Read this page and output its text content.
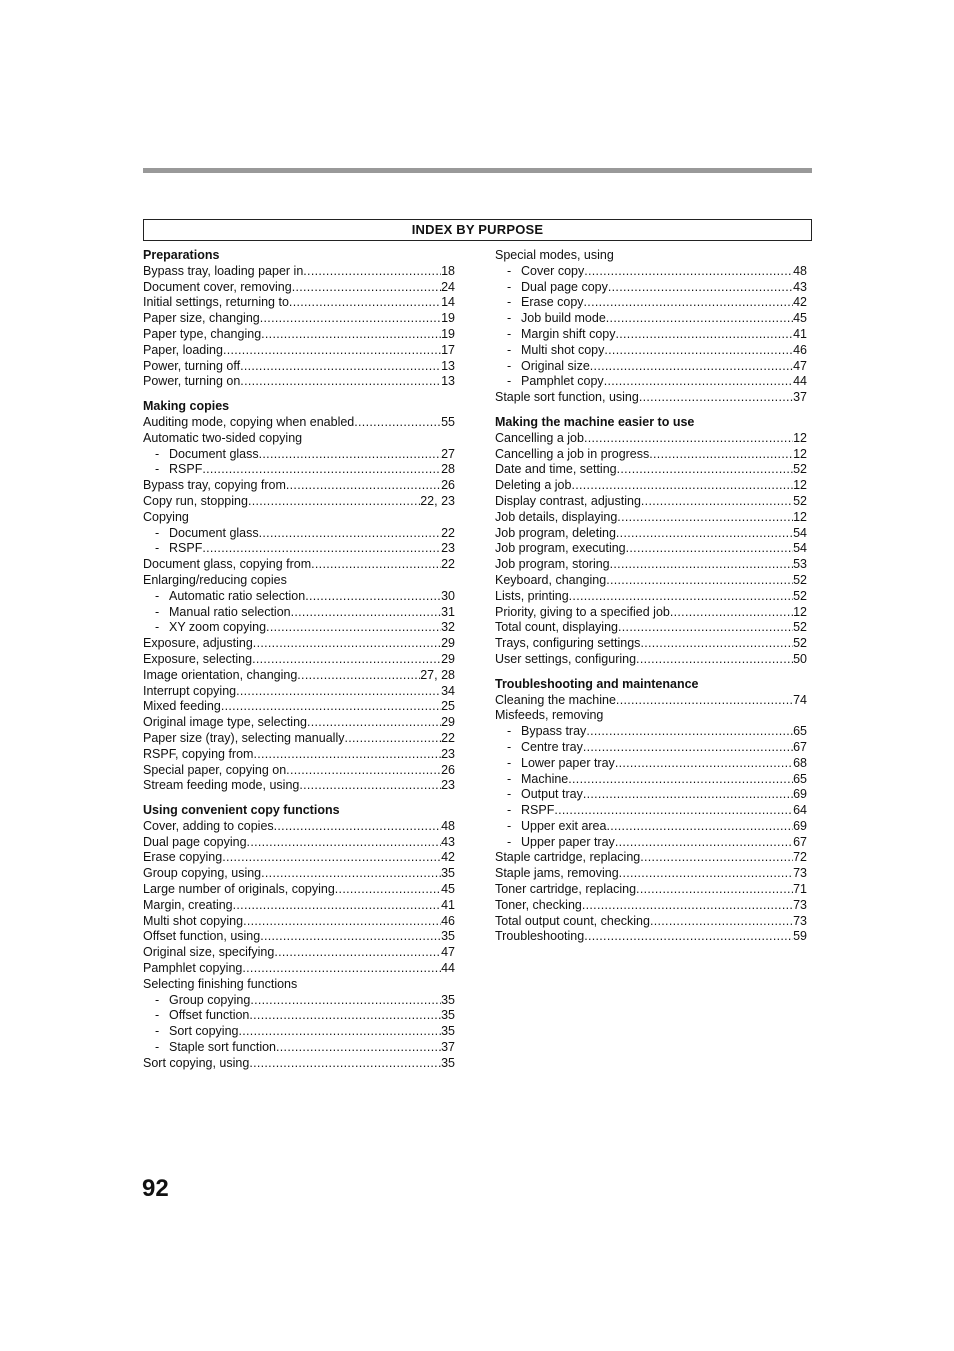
INDEX BY PURPOSE
Preparations
Bypass tray, loading paper in .....	18
Document cover, removing .....	24
Initial settings, returning to .....	14
Paper size, changing .....	19
Paper type, changing .....	19
Paper, loading .....	17
Power, turning off .....	13
Power, turning on .....	13
Making copies
Auditing mode, copying when enabled .....	55
Automatic two-sided copying
- Document glass .....	27
- RSPF .....	28
Bypass tray, copying from .....	26
Copy run, stopping .....	22, 23
Copying
- Document glass .....	22
- RSPF .....	23
Document glass, copying from .....	22
Enlarging/reducing copies
- Automatic ratio selection .....	30
- Manual ratio selection .....	31
- XY zoom copying .....	32
Exposure, adjusting .....	29
Exposure, selecting .....	29
Image orientation, changing .....	27, 28
Interrupt copying .....	34
Mixed feeding .....	25
Original image type, selecting .....	29
Paper size (tray), selecting manually .....	22
RSPF, copying from .....	23
Special paper, copying on .....	26
Stream feeding mode, using .....	23
Using convenient copy functions
Cover, adding to copies .....	48
Dual page copying .....	43
Erase copying .....	42
Group copying, using .....	35
Large number of originals, copying .....	45
Margin, creating .....	41
Multi shot copying .....	46
Offset function, using .....	35
Original size, specifying .....	47
Pamphlet copying .....	44
Selecting finishing functions
- Group copying .....	35
- Offset function .....	35
- Sort copying .....	35
- Staple sort function .....	37
Sort copying, using .....	35
Special modes, using
- Cover copy .....	48
- Dual page copy .....	43
- Erase copy .....	42
- Job build mode .....	45
- Margin shift copy .....	41
- Multi shot copy .....	46
- Original size .....	47
- Pamphlet copy .....	44
Staple sort function, using .....	37
Making the machine easier to use
Cancelling a job .....	12
Cancelling a job in progress .....	12
Date and time, setting .....	52
Deleting a job .....	12
Display contrast, adjusting .....	52
Job details, displaying .....	12
Job program, deleting .....	54
Job program, executing .....	54
Job program, storing .....	53
Keyboard, changing .....	52
Lists, printing .....	52
Priority, giving to a specified job .....	12
Total count, displaying .....	52
Trays, configuring settings .....	52
User settings, configuring .....	50
Troubleshooting and maintenance
Cleaning the machine .....	74
Misfeeds, removing
- Bypass tray .....	65
- Centre tray .....	67
- Lower paper tray .....	68
- Machine .....	65
- Output tray .....	69
- RSPF .....	64
- Upper exit area .....	69
- Upper paper tray .....	67
Staple cartridge, replacing .....	72
Staple jams, removing .....	73
Toner cartridge, replacing .....	71
Toner, checking .....	73
Total output count, checking .....	73
Troubleshooting .....	59
92
